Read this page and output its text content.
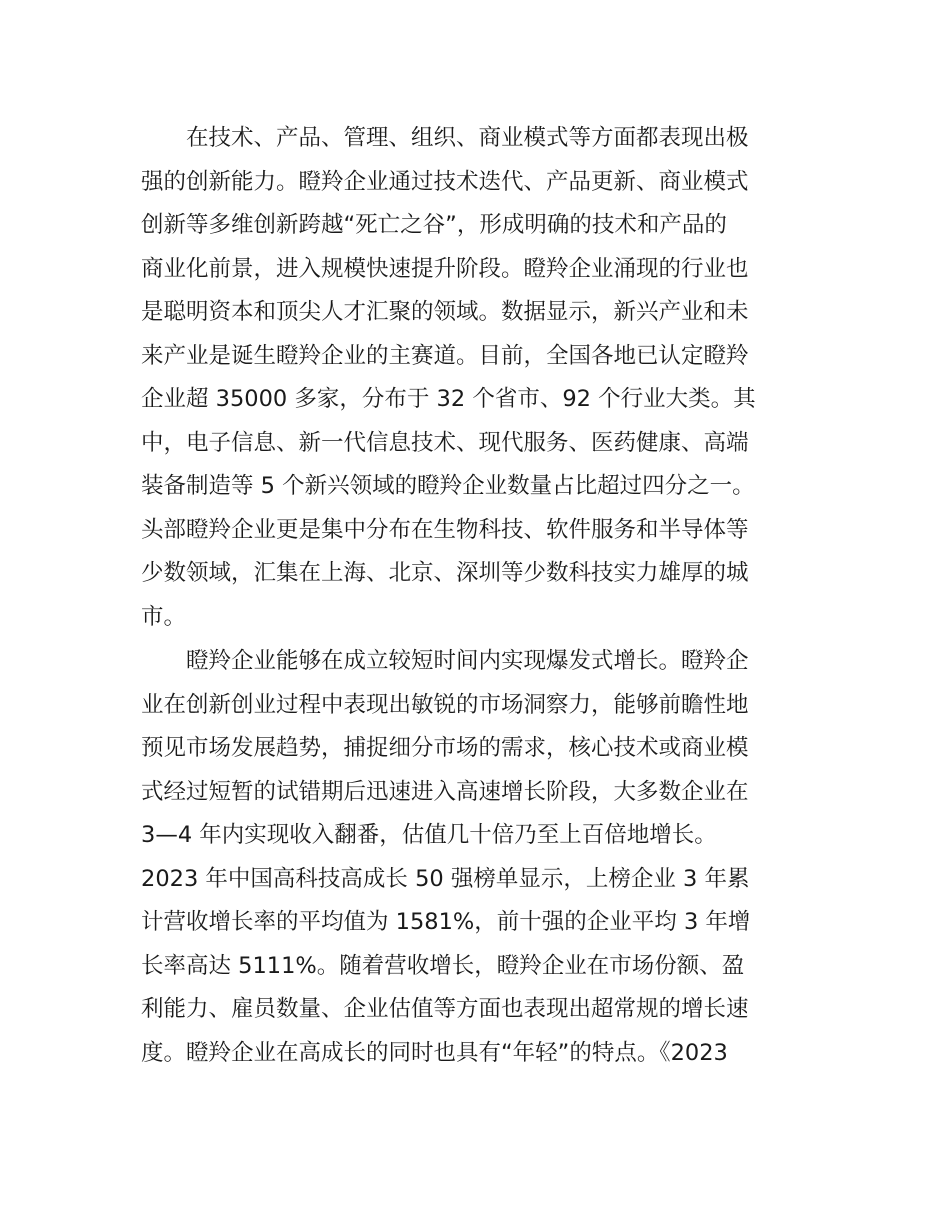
在技术、产品、管理、组织、商业模式等方面都表现出极
强的创新能力。瞪羚企业通过技术迭代、产品更新、商业模式
创新等多维创新跨越“死亡之谷”，形成明确的技术和产品的
商业化前景，进入规模快速提升阶段。瞪羚企业涌现的行业也
是聪明资本和顶尖人才汇聚的领域。数据显示，新兴产业和未
来产业是诞生瞪羚企业的主赛道。目前，全国各地已认定瞪羚
企业超 35000 多家，分布于 32 个省市、92 个行业大类。其
中，电子信息、新一代信息技术、现代服务、医药健康、高端
装备制造等 5 个新兴领域的瞪羚企业数量占比超过四分之一。
头部瞪羚企业更是集中分布在生物科技、软件服务和半导体等
少数领域，汇集在上海、北京、深圳等少数科技实力雄厚的城
市。
瞪羚企业能够在成立较短时间内实现爆发式增长。瞪羚企
业在创新创业过程中表现出敏锐的市场洞察力，能够前瞻性地
预见市场发展趋势，捕捉细分市场的需求，核心技术或商业模
式经过短暂的试错期后迅速进入高速增长阶段，大多数企业在
3—4 年内实现收入翻番，估值几十倍乃至上百倍地增长。
2023 年中国高科技高成长 50 强榜单显示，上榜企业 3 年累
计营收增长率的平均值为 1581%，前十强的企业平均 3 年增
长率高达 5111%。随着营收增长，瞪羚企业在市场份额、盈
利能力、雇员数量、企业估值等方面也表现出超常规的增长速
度。瞪羚企业在高成长的同时也具有“年轻”的特点。《2023
